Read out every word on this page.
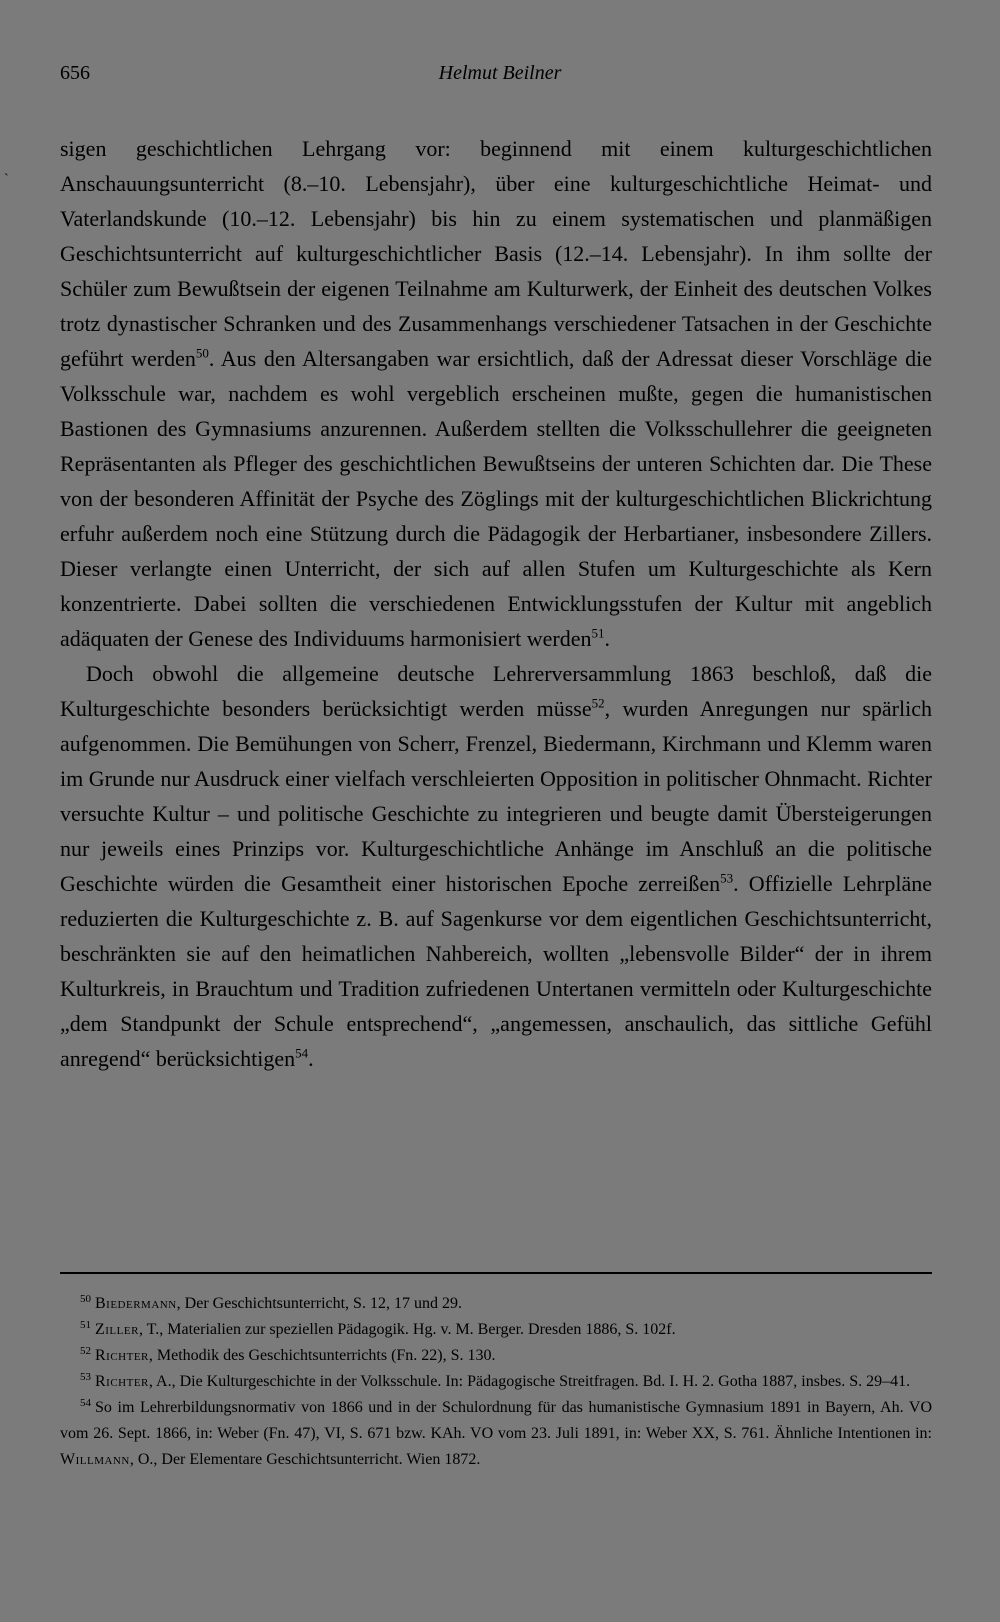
`
656	Helmut Beilner

sigen geschichtlichen Lehrgang vor: beginnend mit einem kulturgeschichtlichen Anschauungsunterricht (8.–10. Lebensjahr), über eine kulturgeschichtliche Heimat- und Vaterlandskunde (10.–12. Lebensjahr) bis hin zu einem systematischen und planmäßigen Geschichtsunterricht auf kulturgeschichtlicher Basis (12.–14. Lebensjahr). In ihm sollte der Schüler zum Bewußtsein der eigenen Teilnahme am Kulturwerk, der Einheit des deutschen Volkes trotz dynastischer Schranken und des Zusammenhangs verschiedener Tatsachen in der Geschichte geführt werden$^{50}$. Aus den Altersangaben war ersichtlich, daß der Adressat dieser Vorschläge die Volksschule war, nachdem es wohl vergeblich erscheinen mußte, gegen die humanistischen Bastionen des Gymnasiums anzurennen. Außerdem stellten die Volksschullehrer die geeigneten Repräsentanten als Pfleger des geschichtlichen Bewußtseins der unteren Schichten dar. Die These von der besonderen Affinität der Psyche des Zöglings mit der kulturgeschichtlichen Blickrichtung erfuhr außerdem noch eine Stützung durch die Pädagogik der Herbartianer, insbesondere Zillers. Dieser verlangte einen Unterricht, der sich auf allen Stufen um Kulturgeschichte als Kern konzentrierte. Dabei sollten die verschiedenen Entwicklungsstufen der Kultur mit angeblich adäquaten der Genese des Individuums harmonisiert werden$^{51}$.

Doch obwohl die allgemeine deutsche Lehrerversammlung 1863 beschloß, daß die Kulturgeschichte besonders berücksichtigt werden müsse$^{52}$, wurden Anregungen nur spärlich aufgenommen. Die Bemühungen von Scherr, Frenzel, Biedermann, Kirchmann und Klemm waren im Grunde nur Ausdruck einer vielfach verschleierten Opposition in politischer Ohnmacht. Richter versuchte Kultur – und politische Geschichte zu integrieren und beugte damit Übersteigerungen nur jeweils eines Prinzips vor. Kulturgeschichtliche Anhänge im Anschluß an die politische Geschichte würden die Gesamtheit einer historischen Epoche zerreißen$^{53}$. Offizielle Lehrpläne reduzierten die Kulturgeschichte z. B. auf Sagenkurse vor dem eigentlichen Geschichtsunterricht, beschränkten sie auf den heimatlichen Nahbereich, wollten „lebensvolle Bilder“ der in ihrem Kulturkreis, in Brauchtum und Tradition zufriedenen Untertanen vermitteln oder Kulturgeschichte „dem Standpunkt der Schule entsprechend“, „angemessen, anschaulich, das sittliche Gefühl anregend“ berücksichtigen$^{54}$.

$^{50}$ Biedermann, Der Geschichtsunterricht, S. 12, 17 und 29.

$^{51}$ Ziller, T., Materialien zur speziellen Pädagogik. Hg. v. M. Berger. Dresden 1886, S. 102f.

$^{52}$ Richter, Methodik des Geschichtsunterrichts (Fn. 22), S. 130.

$^{53}$ Richter, A., Die Kulturgeschichte in der Volksschule. In: Pädagogische Streitfragen. Bd. I. H. 2. Gotha 1887, insbes. S. 29–41.

$^{54}$ So im Lehrerbildungsnormativ von 1866 und in der Schulordnung für das humanistische Gymnasium 1891 in Bayern, Ah. VO vom 26. Sept. 1866, in: Weber (Fn. 47), VI, S. 671 bzw. KAh. VO vom 23. Juli 1891, in: Weber XX, S. 761. Ähnliche Intentionen in: Willmann, O., Der Elementare Geschichtsunterricht. Wien 1872.
